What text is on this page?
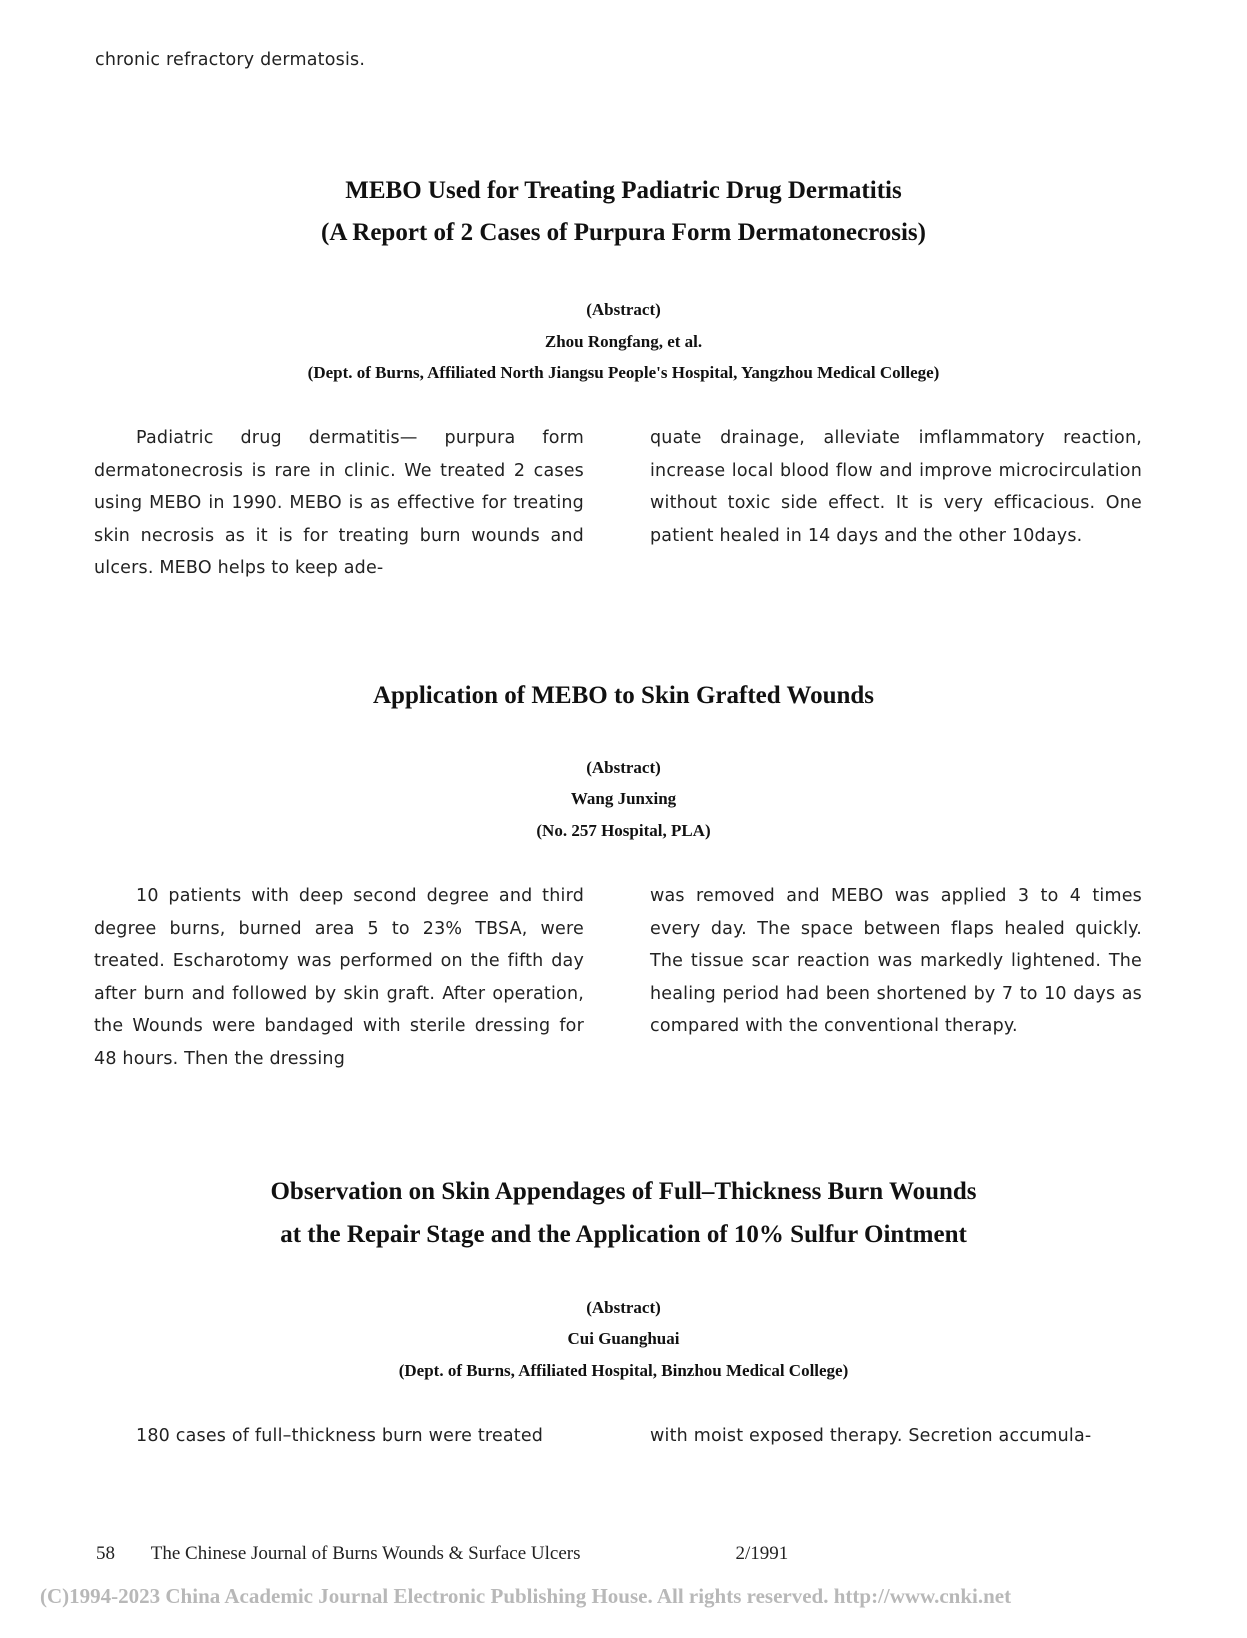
chronic refractory dermatosis.
MEBO Used for Treating Padiatric Drug Dermatitis
(A Report of 2 Cases of Purpura Form Dermatonecrosis)
(Abstract)
Zhou Rongfang, et al.
(Dept. of Burns, Affiliated North Jiangsu People's Hospital, Yangzhou Medical College)
Padiatric drug dermatitis— purpura form dermatonecrosis is rare in clinic. We treated 2 cases using MEBO in 1990. MEBO is as effective for treating skin necrosis as it is for treating burn wounds and ulcers. MEBO helps to keep ade-
quate drainage, alleviate imflammatory reaction, increase local blood flow and improve microcirculation without toxic side effect. It is very efficacious. One patient healed in 14 days and the other 10days.
Application of MEBO to Skin Grafted Wounds
(Abstract)
Wang Junxing
(No. 257 Hospital, PLA)
10 patients with deep second degree and third degree burns, burned area 5 to 23% TBSA, were treated. Escharotomy was performed on the fifth day after burn and followed by skin graft. After operation, the Wounds were bandaged with sterile dressing for 48 hours. Then the dressing
was removed and MEBO was applied 3 to 4 times every day. The space between flaps healed quickly. The tissue scar reaction was markedly lightened. The healing period had been shortened by 7 to 10 days as compared with the conventional therapy.
Observation on Skin Appendages of Full–Thickness Burn Wounds
at the Repair Stage and the Application of 10% Sulfur Ointment
(Abstract)
Cui Guanghuai
(Dept. of Burns, Affiliated Hospital, Binzhou Medical College)
180 cases of full–thickness burn were treated	with moist exposed therapy. Secretion accumula-
58 The Chinese Journal of Burns Wounds & Surface Ulcers	2/1991
(C)1994-2023 China Academic Journal Electronic Publishing House. All rights reserved. http://www.cnki.net
